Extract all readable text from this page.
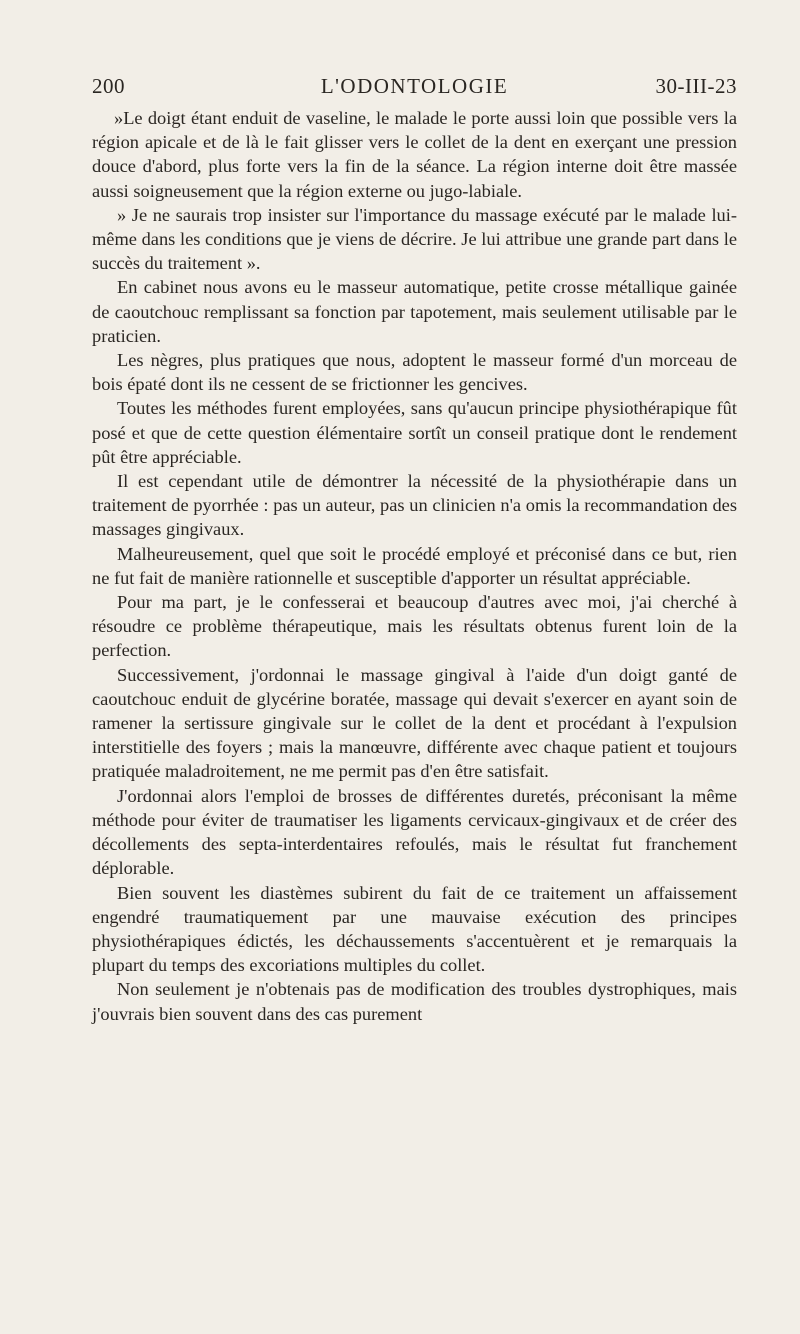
200	L'ODONTOLOGIE	30-III-23

»Le doigt étant enduit de vaseline, le malade le porte aussi loin que possible vers la région apicale et de là le fait glisser vers le collet de la dent en exerçant une pression douce d'abord, plus forte vers la fin de la séance. La région interne doit être massée aussi soigneusement que la région externe ou jugo-labiale.

» Je ne saurais trop insister sur l'importance du massage exécuté par le malade lui-même dans les conditions que je viens de décrire. Je lui attribue une grande part dans le succès du traitement ».

En cabinet nous avons eu le masseur automatique, petite crosse métallique gainée de caoutchouc remplissant sa fonction par tapotement, mais seulement utilisable par le praticien.

Les nègres, plus pratiques que nous, adoptent le masseur formé d'un morceau de bois épaté dont ils ne cessent de se frictionner les gencives.

Toutes les méthodes furent employées, sans qu'aucun principe physiothérapique fût posé et que de cette question élémentaire sortît un conseil pratique dont le rendement pût être appréciable.

Il est cependant utile de démontrer la nécessité de la physiothérapie dans un traitement de pyorrhée : pas un auteur, pas un clinicien n'a omis la recommandation des massages gingivaux.

Malheureusement, quel que soit le procédé employé et préconisé dans ce but, rien ne fut fait de manière rationnelle et susceptible d'apporter un résultat appréciable.

Pour ma part, je le confesserai et beaucoup d'autres avec moi, j'ai cherché à résoudre ce problème thérapeutique, mais les résultats obtenus furent loin de la perfection.

Successivement, j'ordonnai le massage gingival à l'aide d'un doigt ganté de caoutchouc enduit de glycérine boratée, massage qui devait s'exercer en ayant soin de ramener la sertissure gingivale sur le collet de la dent et procédant à l'expulsion interstitielle des foyers ; mais la manœuvre, différente avec chaque patient et toujours pratiquée maladroitement, ne me permit pas d'en être satisfait.

J'ordonnai alors l'emploi de brosses de différentes duretés, préconisant la même méthode pour éviter de traumatiser les ligaments cervicaux-gingivaux et de créer des décollements des septa-interdentaires refoulés, mais le résultat fut franchement déplorable.

Bien souvent les diastèmes subirent du fait de ce traitement un affaissement engendré traumatiquement par une mauvaise exécution des principes physiothérapiques édictés, les déchaussements s'accentuèrent et je remarquais la plupart du temps des excoriations multiples du collet.

Non seulement je n'obtenais pas de modification des troubles dystrophiques, mais j'ouvrais bien souvent dans des cas purement
